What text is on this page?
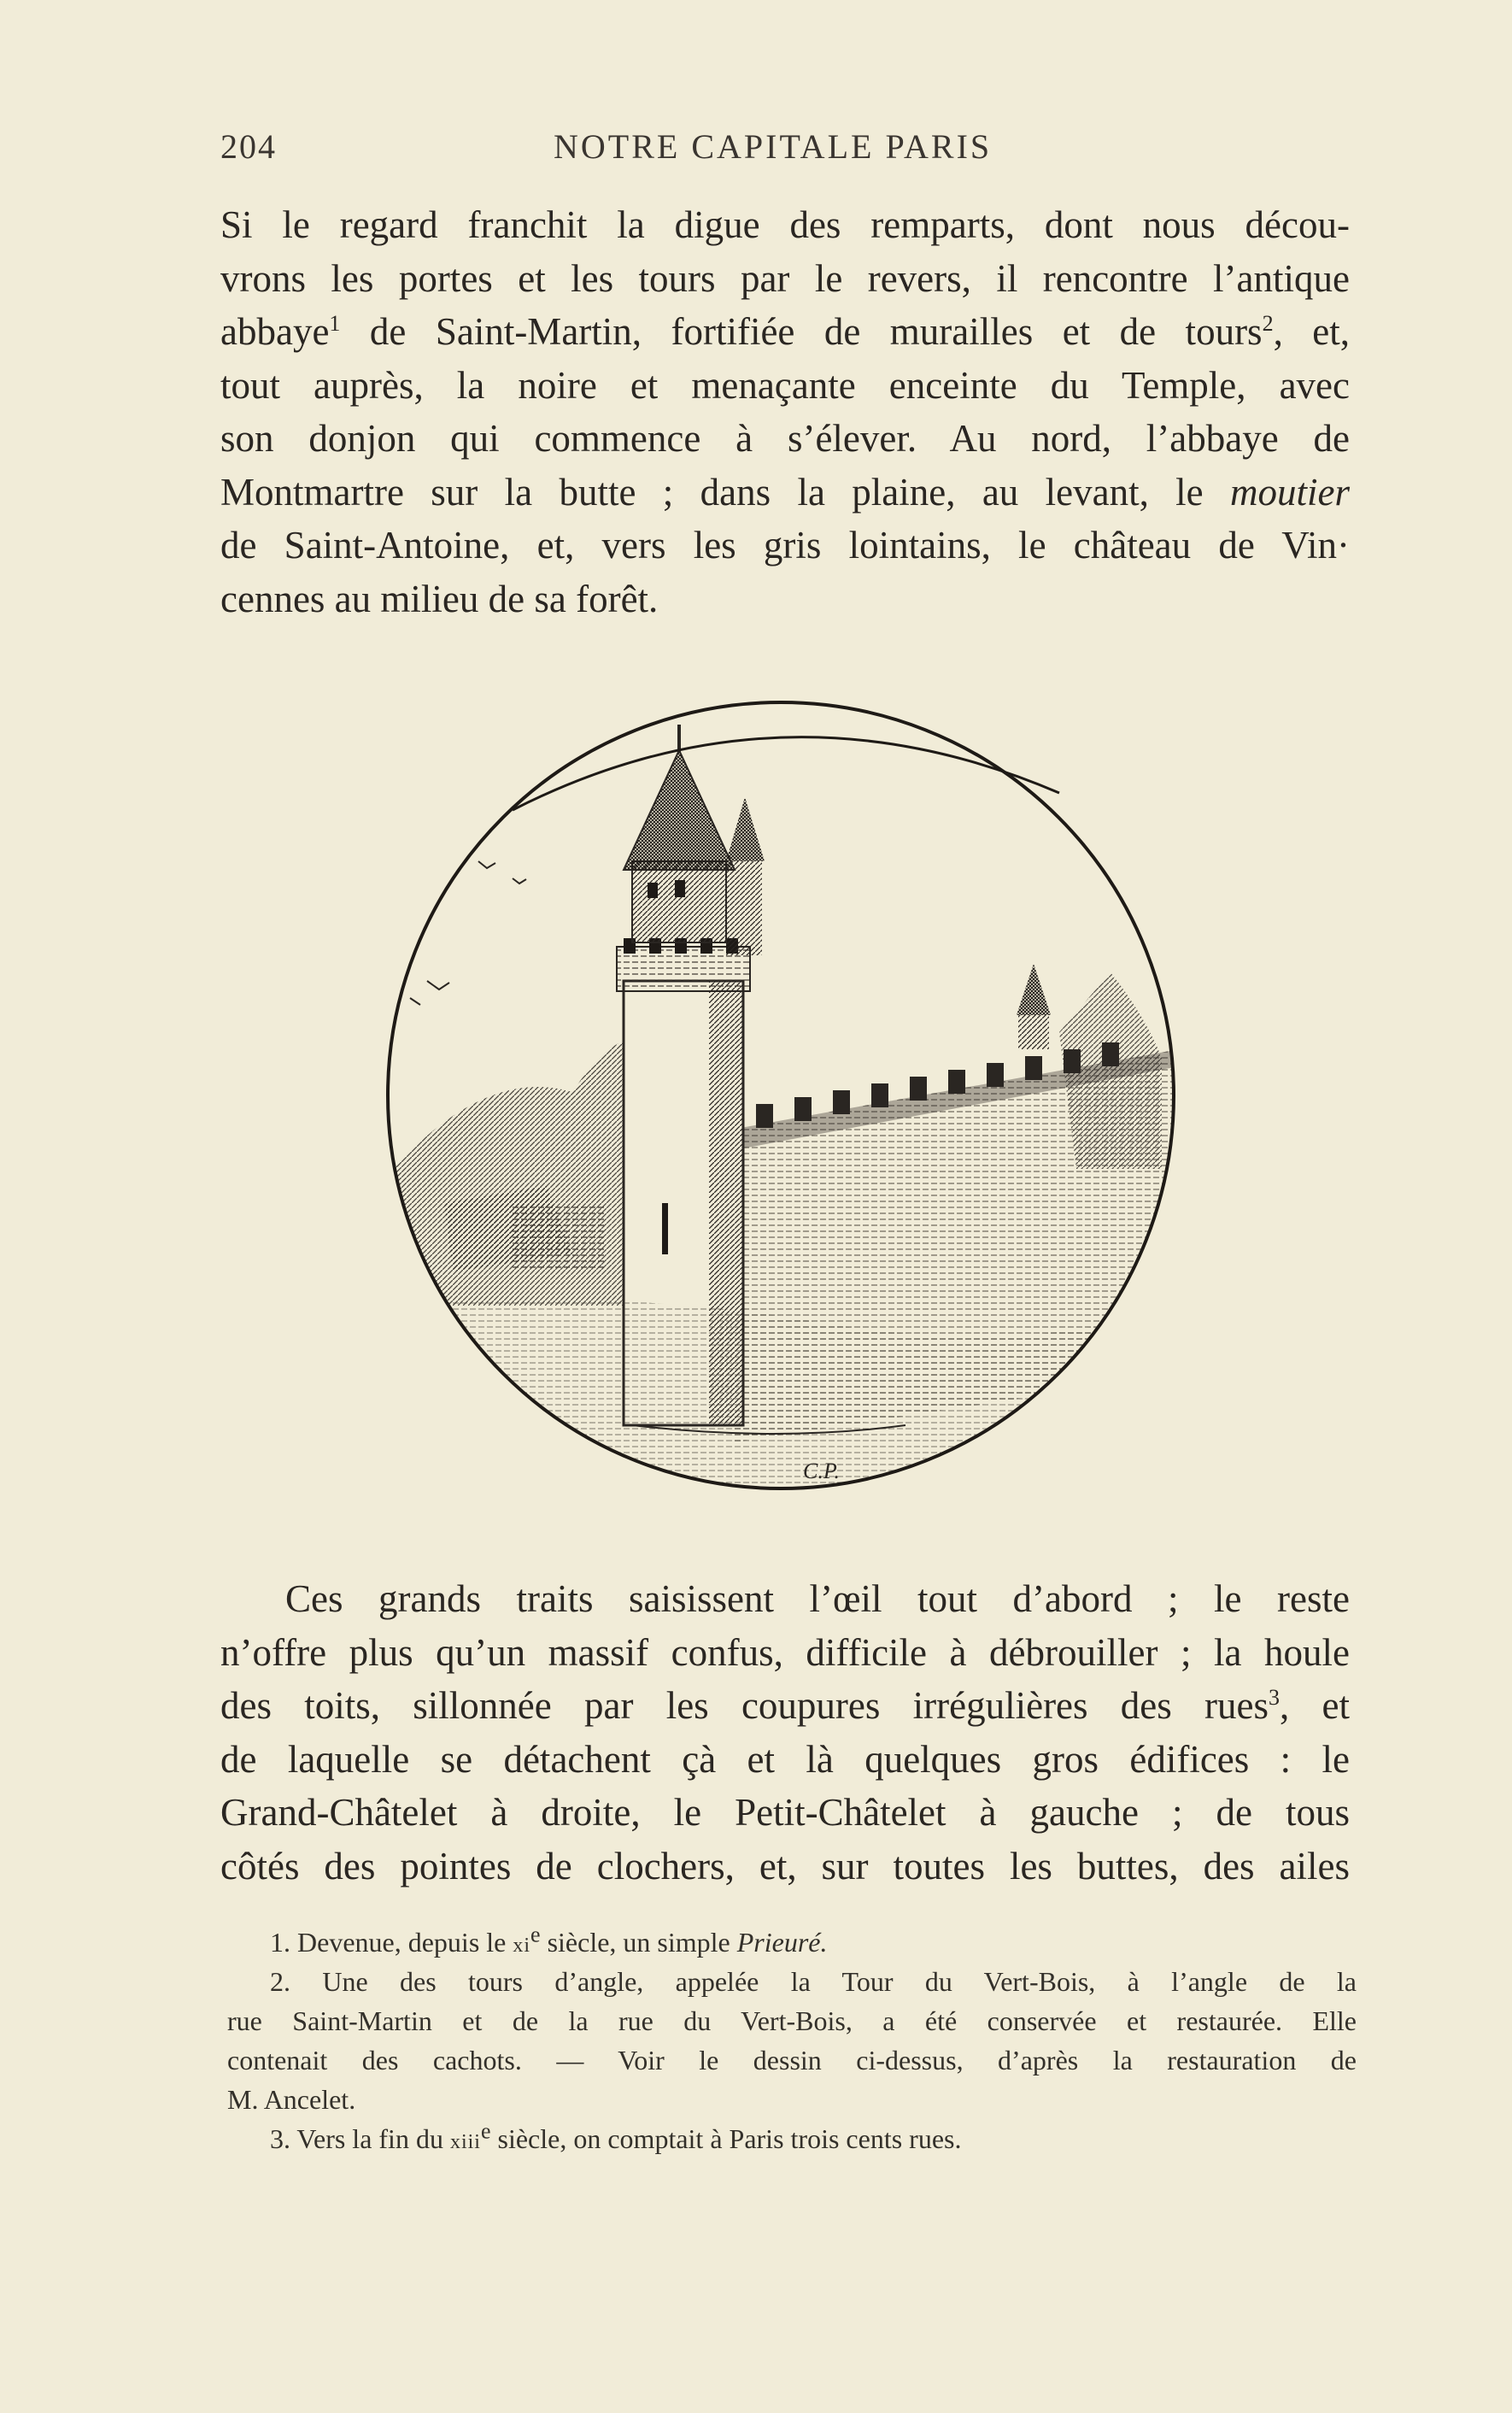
204	NOTRE CAPITALE PARIS
Si le regard franchit la digue des remparts, dont nous décou-
vrons les portes et les tours par le revers, il rencontre l’antique
abbaye$^1$ de Saint-Martin, fortifiée de murailles et de tours$^2$, et,
tout auprès, la noire et menaçante enceinte du Temple, avec
son donjon qui commence à s’élever. Au nord, l’abbaye de
Montmartre sur la butte ; dans la plaine, au levant, le moutier
de Saint-Antoine, et, vers les gris lointains, le château de Vin·
cennes au milieu de sa forêt.
C.P.
Ces grands traits saisissent l’œil tout d’abord ; le reste
n’offre plus qu’un massif confus, difficile à débrouiller ; la houle
des toits, sillonnée par les coupures irrégulières des rues$^3$, et
de laquelle se détachent çà et là quelques gros édifices : le
Grand-Châtelet à droite, le Petit-Châtelet à gauche ; de tous
côtés des pointes de clochers, et, sur toutes les buttes, des ailes
1. Devenue, depuis le $xi^e$ siècle, un simple Prieuré.
2. Une des tours d’angle, appelée la Tour du Vert-Bois, à l’angle de la
rue Saint-Martin et de la rue du Vert-Bois, a été conservée et restaurée. Elle
contenait des cachots. — Voir le dessin ci-dessus, d’après la restauration de
M. Ancelet.
3. Vers la fin du xiii$^e$ siècle, on comptait à Paris trois cents rues.
